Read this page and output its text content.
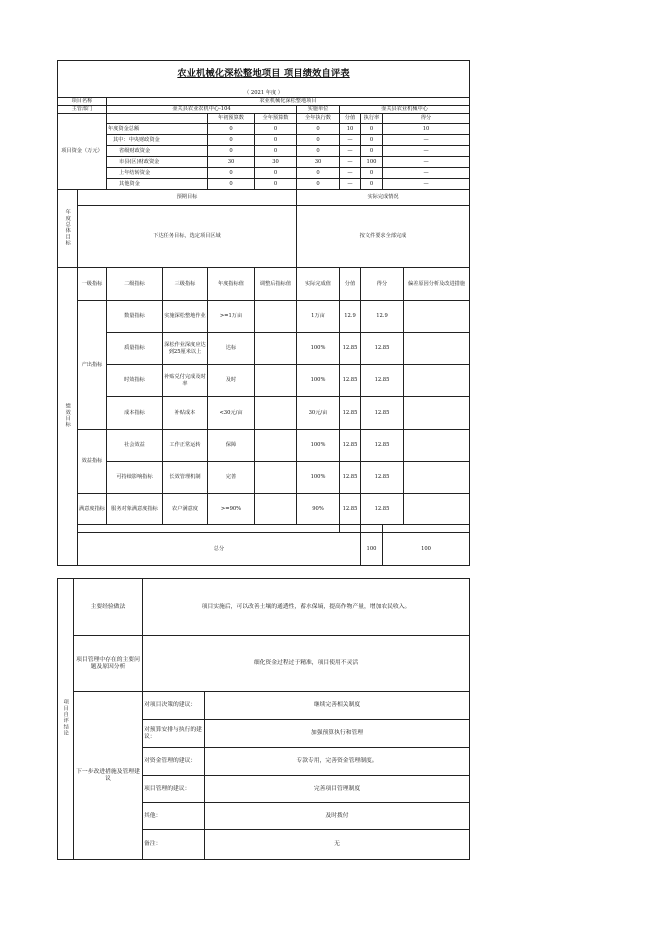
农业机械化深松整地项目 项目绩效自评表											
（ 2021 年度 ）											
项目名称		农业机械化深松整地项目									
主管部门		壶关县农业农机中心-104				实施单位	壶关县农业机械中心				
项目资金（万元）				年初预算数	全年预算数	全年执行数	分值	执行率	得分		
		年度资金总额		0	0	0	10	0	10		
		其中：中央财政资金		0	0	0	—	0	—		
		省级财政资金		0	0	0	—	0	—		
		市县(区)财政资金		30	30	30	—	100	—		
		上年结转资金		0	0	0	—	0	—		
		其他资金		0	0	0	—	0	—		
年度总体目标	预期目标					实际完成情况					
	下达任务目标，选定项目区域					按文件要求全部完成					
绩效目标	一级指标	二级指标	三级指标	年度指标值	调整后指标值	实际完成值	分值	得分		偏差原因分析及改进措施	
	产出指标	数量指标	实施深松整地作业	>=1万亩		1万亩	12.9	12.9			
		质量指标	深松作业深度应达到25厘米以上	达标		100%	12.85	12.85			
		时效指标	补贴兑付完成及时率	及时		100%	12.85	12.85			
		成本指标	补贴成本	<30元/亩		30元/亩	12.85	12.85			
	效益指标	社会效益	工作正常运转	保障		100%	12.85	12.85			
		可持续影响指标	长效管理机制	完善		100%	12.85	12.85			
	满意度指标	服务对象满意度指标	农户满意度	>=90%		90%	12.85	12.85			

	总分							100	100		
项目自评结论	主要经验做法	项目实施后，可以改善土壤的通透性，蓄水保墒，提高作物产量，增加农民收入。	
	项目管理中存在的主要问题及原因分析	细化资金过程过于精准，项目使用不灵活	
	下一步改进措施及管理建议	对项目决策的建议：	继续完善相关制度
		对预算安排与执行的建议：	加强预算执行和管理
		对资金管理的建议：	专款专用，完善资金管理制度。
		项目管理的建议：	完善项目管理制度
		其他：	及时拨付
		备注：	无
